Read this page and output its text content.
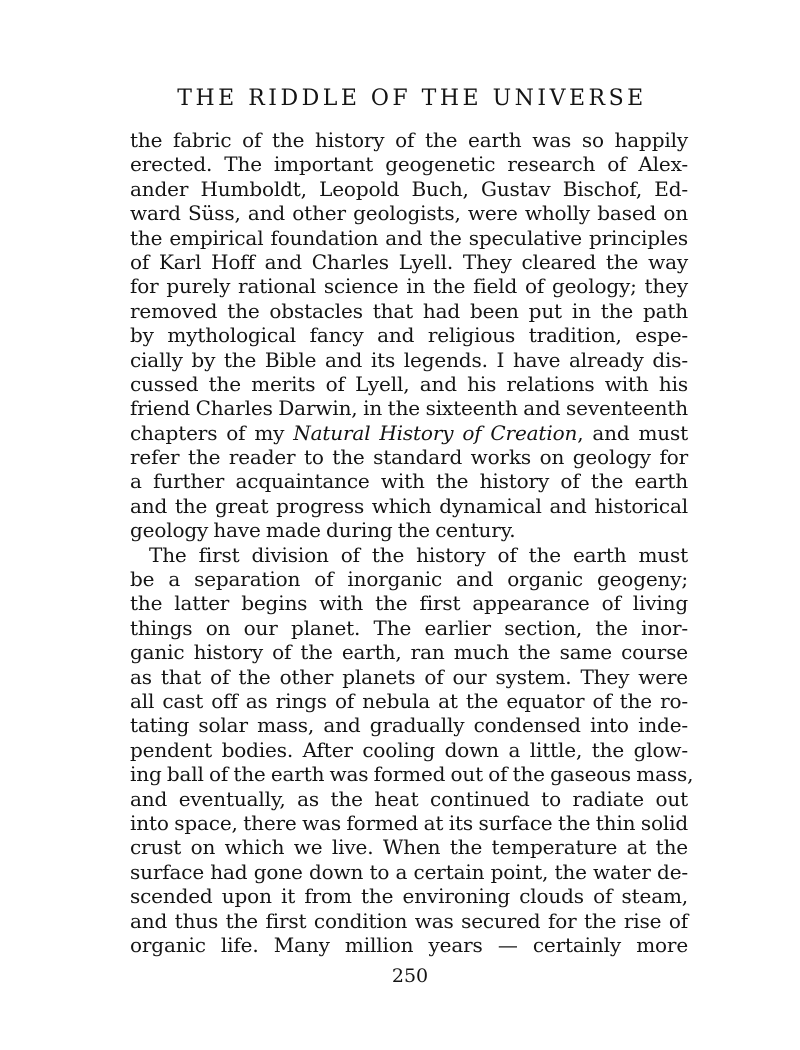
THE RIDDLE OF THE UNIVERSE
the fabric of the history of the earth was so happily
erected. The important geogenetic research of Alex-
ander Humboldt, Leopold Buch, Gustav Bischof, Ed-
ward Süss, and other geologists, were wholly based on
the empirical foundation and the speculative principles
of Karl Hoff and Charles Lyell. They cleared the way
for purely rational science in the field of geology; they
removed the obstacles that had been put in the path
by mythological fancy and religious tradition, espe-
cially by the Bible and its legends. I have already dis-
cussed the merits of Lyell, and his relations with his
friend Charles Darwin, in the sixteenth and seventeenth
chapters of my Natural History of Creation, and must
refer the reader to the standard works on geology for
a further acquaintance with the history of the earth
and the great progress which dynamical and historical
geology have made during the century.
The first division of the history of the earth must
be a separation of inorganic and organic geogeny;
the latter begins with the first appearance of living
things on our planet. The earlier section, the inor-
ganic history of the earth, ran much the same course
as that of the other planets of our system. They were
all cast off as rings of nebula at the equator of the ro-
tating solar mass, and gradually condensed into inde-
pendent bodies. After cooling down a little, the glow-
ing ball of the earth was formed out of the gaseous mass,
and eventually, as the heat continued to radiate out
into space, there was formed at its surface the thin solid
crust on which we live. When the temperature at the
surface had gone down to a certain point, the water de-
scended upon it from the environing clouds of steam,
and thus the first condition was secured for the rise of
organic life. Many million years — certainly more
250
